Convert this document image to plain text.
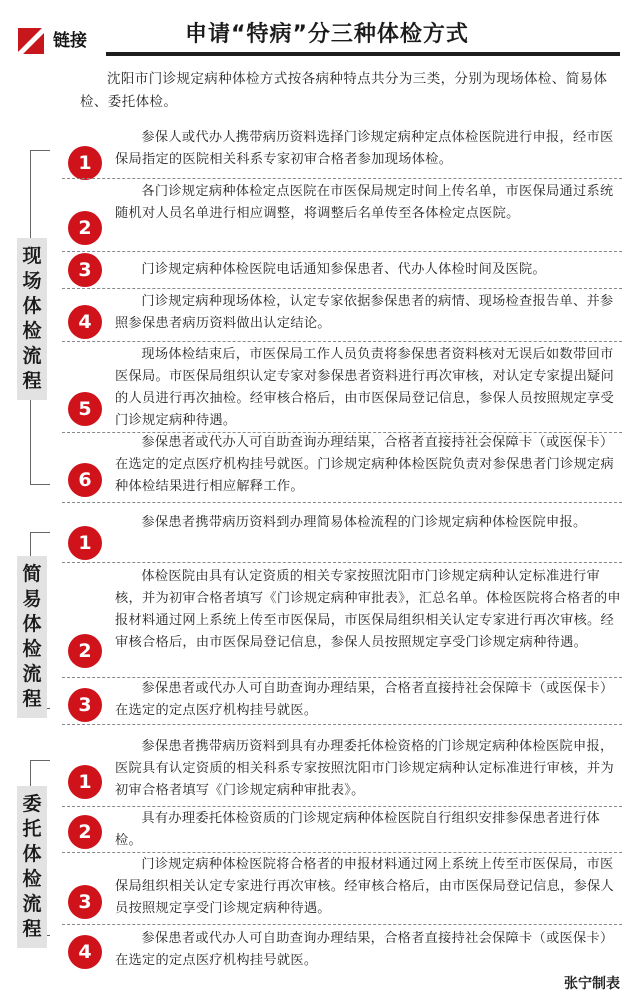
链接	申请“特病”分三种体检方式
沈阳市门诊规定病种体检方式按各病种特点共分为三类，分别为现场体检、简易体检、委托体检。
现场体检流程
参保人或代办人携带病历资料选择门诊规定病种定点体检医院进行申报，经市医保局指定的医院相关科系专家初审合格者参加现场体检。
1
各门诊规定病种体检定点医院在市医保局规定时间上传名单，市医保局通过系统随机对人员名单进行相应调整，将调整后名单传至各体检定点医院。
2
门诊规定病种体检医院电话通知参保患者、代办人体检时间及医院。
3
门诊规定病种现场体检，认定专家依据参保患者的病情、现场检查报告单、并参照参保患者病历资料做出认定结论。
4
现场体检结束后，市医保局工作人员负责将参保患者资料核对无误后如数带回市医保局。市医保局组织认定专家对参保患者资料进行再次审核，对认定专家提出疑问的人员进行再次抽检。经审核合格后，由市医保局登记信息，参保人员按照规定享受门诊规定病种待遇。
5
参保患者或代办人可自助查询办理结果，合格者直接持社会保障卡（或医保卡）在选定的定点医疗机构挂号就医。门诊规定病种体检医院负责对参保患者门诊规定病种体检结果进行相应解释工作。
6
简易体检流程
参保患者携带病历资料到办理简易体检流程的门诊规定病种体检医院申报。
1
体检医院由具有认定资质的相关专家按照沈阳市门诊规定病种认定标准进行审核，并为初审合格者填写《门诊规定病种审批表》，汇总名单。体检医院将合格者的申报材料通过网上系统上传至市医保局，市医保局组织相关认定专家进行再次审核。经审核合格后，由市医保局登记信息，参保人员按照规定享受门诊规定病种待遇。
2
参保患者或代办人可自助查询办理结果，合格者直接持社会保障卡（或医保卡）在选定的定点医疗机构挂号就医。
3
委托体检流程
参保患者携带病历资料到具有办理委托体检资格的门诊规定病种体检医院申报，医院具有认定资质的相关科系专家按照沈阳市门诊规定病种认定标准进行审核，并为初审合格者填写《门诊规定病种审批表》。
1
具有办理委托体检资质的门诊规定病种体检医院自行组织安排参保患者进行体检。
2
门诊规定病种体检医院将合格者的申报材料通过网上系统上传至市医保局，市医保局组织相关认定专家进行再次审核。经审核合格后，由市医保局登记信息，参保人员按照规定享受门诊规定病种待遇。
3
参保患者或代办人可自助查询办理结果，合格者直接持社会保障卡（或医保卡）在选定的定点医疗机构挂号就医。
4
张宁制表
